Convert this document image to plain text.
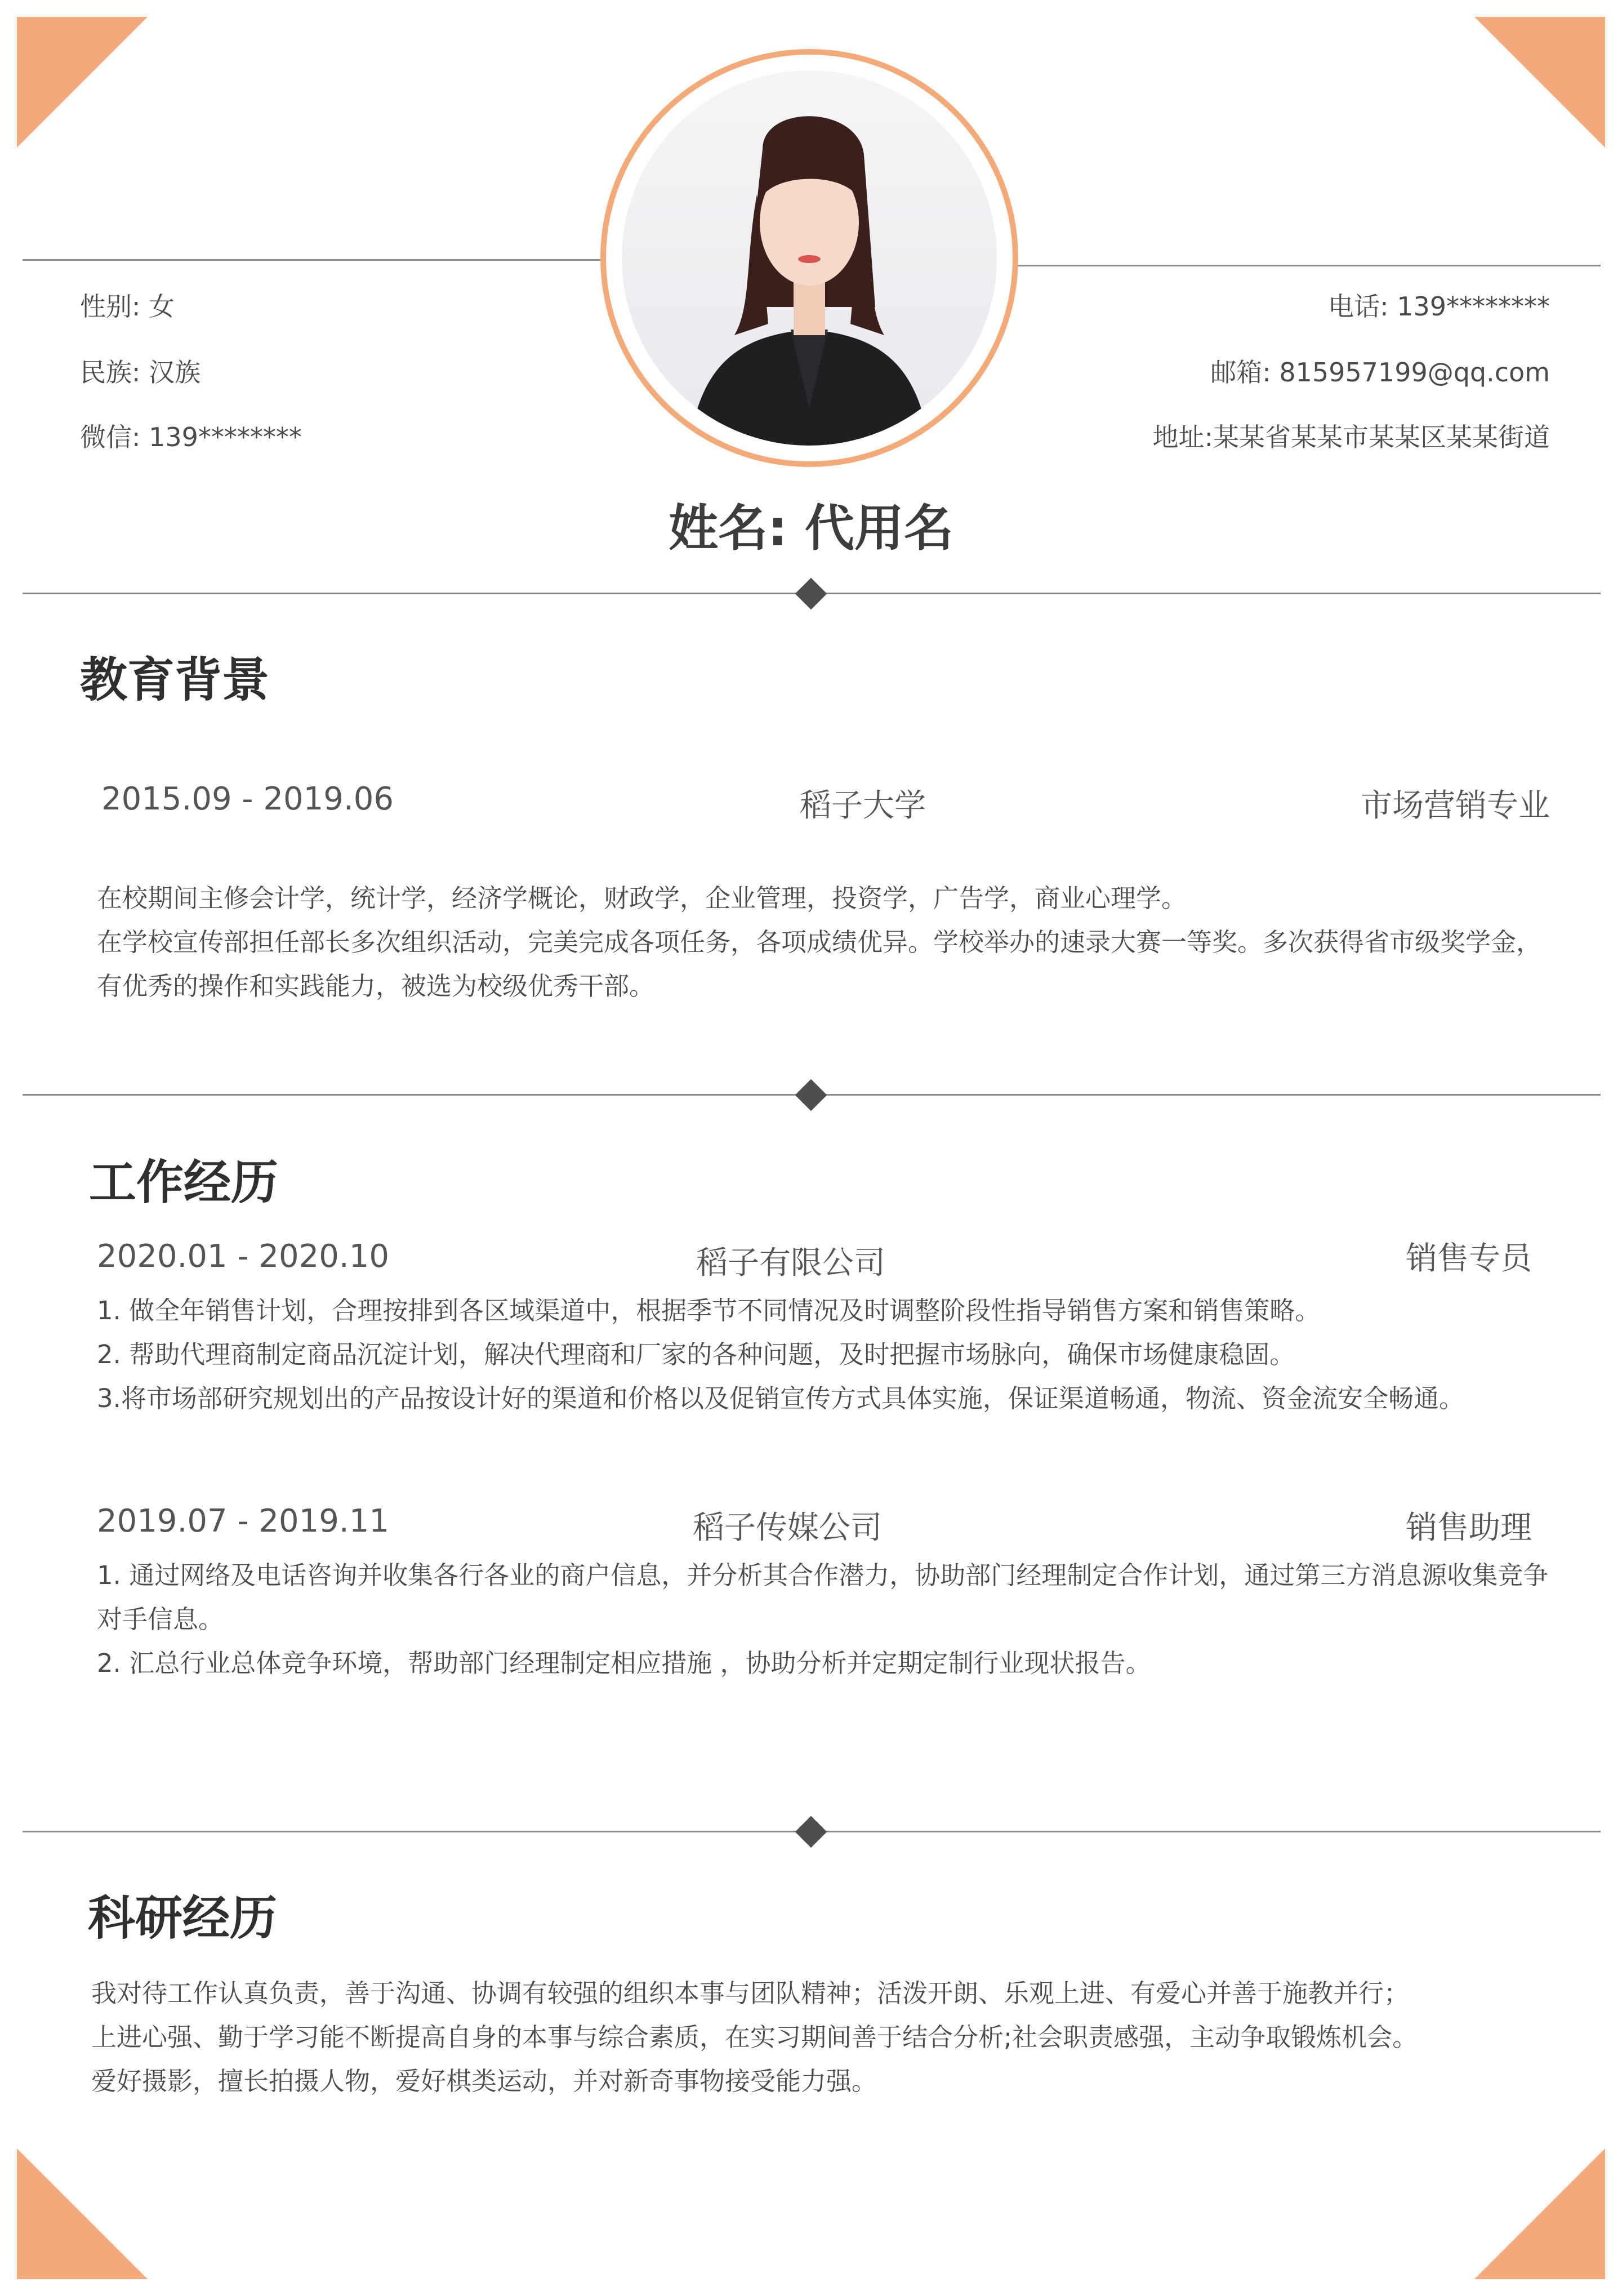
性别: 女
民族: 汉族
微信: 139********
电话: 139********
邮箱: 815957199@qq.com
地址:某某省某某市某某区某某街道
姓名: 代用名
教育背景
2015.09 - 2019.06	稻子大学	市场营销专业

在校期间主修会计学，统计学，经济学概论，财政学，企业管理，投资学，广告学，商业心理学。

在学校宣传部担任部长多次组织活动，完美完成各项任务，各项成绩优异。学校举办的速录大赛一等奖。多次获得省市级奖学金，有优秀的操作和实践能力，被选为校级优秀干部。

工作经历
2020.01 - 2020.10	稻子有限公司	销售专员

1. 做全年销售计划，合理按排到各区域渠道中，根据季节不同情况及时调整阶段性指导销售方案和销售策略。

2. 帮助代理商制定商品沉淀计划，解决代理商和厂家的各种问题，及时把握市场脉向，确保市场健康稳固。

3.将市场部研究规划出的产品按设计好的渠道和价格以及促销宣传方式具体实施，保证渠道畅通，物流、资金流安全畅通。

2019.07 - 2019.11	稻子传媒公司	销售助理

1. 通过网络及电话咨询并收集各行各业的商户信息，并分析其合作潜力，协助部门经理制定合作计划，通过第三方消息源收集竞争对手信息。

2. 汇总行业总体竞争环境，帮助部门经理制定相应措施 ，协助分析并定期定制行业现状报告。

科研经历

我对待工作认真负责，善于沟通、协调有较强的组织本事与团队精神；活泼开朗、乐观上进、有爱心并善于施教并行；

上进心强、勤于学习能不断提高自身的本事与综合素质，在实习期间善于结合分析;社会职责感强，主动争取锻炼机会。

爱好摄影，擅长拍摄人物，爱好棋类运动，并对新奇事物接受能力强。
